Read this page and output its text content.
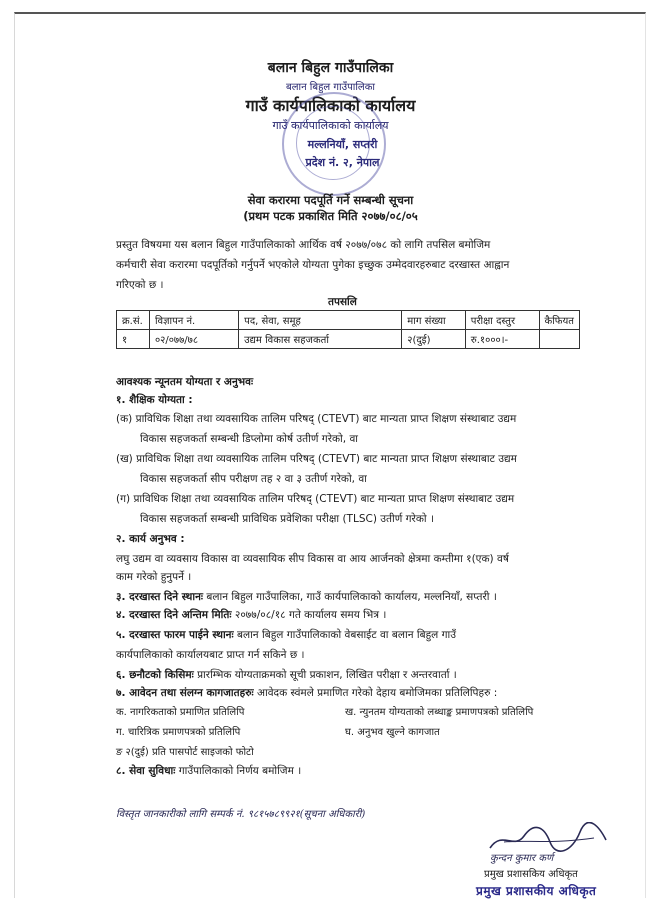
बलान बिहुल गाउँपालिका
बलान बिहुल गाउँपालिका
गाउँ कार्यपालिकाको कार्यालय
गाउँ कार्यपालिकाको कार्यालय
मल्लनियाँ, सप्तरी
प्रदेश नं. २, नेपाल
सेवा करारमा पदपूर्ति गर्ने सम्बन्धी सूचना
(प्रथम पटक प्रकाशित मिति २०७७/०८/०५
प्रस्तुत विषयमा यस बलान बिहुल गाउँपालिकाको आर्थिक वर्ष २०७७/०७८ को लागि तपसिल बमोजिम
कर्मचारी सेवा करारमा पदपूर्तिको गर्नुपर्ने भएकोले योग्यता पुगेका इच्छुक उम्मेदवारहरुबाट दरखास्त आह्वान
गरिएको छ ।
तपसलि
क्र.सं.	विज्ञापन नं.	पद, सेवा, समूह	माग संख्या	परीक्षा दस्तुर	कैफियत
१	०२/०७७/७८	उद्यम विकास सहजकर्ता	२(दुई)	रु.१०००।-	
आवश्यक न्यूनतम योग्यता र अनुभवः
१. शैक्षिक योग्यता :
(क) प्राविधिक शिक्षा तथा व्यवसायिक तालिम परिषद् (CTEVT) बाट मान्यता प्राप्त शिक्षण संस्थाबाट उद्यम
विकास सहजकर्ता सम्बन्धी डिप्लोमा कोर्ष उतीर्ण गरेको, वा
(ख) प्राविधिक शिक्षा तथा व्यवसायिक तालिम परिषद् (CTEVT) बाट मान्यता प्राप्त शिक्षण संस्थाबाट उद्यम
विकास सहजकर्ता सीप परीक्षण तह २ वा ३ उतीर्ण गरेको, वा
(ग) प्राविधिक शिक्षा तथा व्यवसायिक तालिम परिषद् (CTEVT) बाट मान्यता प्राप्त शिक्षण संस्थाबाट उद्यम
विकास सहजकर्ता सम्बन्धी प्राविधिक प्रवेशिका परीक्षा (TLSC) उतीर्ण गरेको ।
२. कार्य अनुभव :
लघु उद्यम वा व्यवसाय विकास वा व्यवसायिक सीप विकास वा आय आर्जनको क्षेत्रमा कम्तीमा १(एक) वर्ष
काम गरेको हुनुपर्ने ।
३. दरखास्त दिने स्थानः बलान बिहुल गाउँपालिका, गाउँ कार्यपालिकाको कार्यालय, मल्लनियाँ, सप्तरी ।
४. दरखास्त दिने अन्तिम मितिः २०७७/०८/१८ गते कार्यालय समय भित्र ।
५. दरखास्त फारम पाईने स्थानः बलान बिहुल गाउँपालिकाको वेबसाईट वा बलान बिहुल गाउँ
कार्यपालिकाको कार्यालयबाट प्राप्त गर्न सकिने छ ।
६. छनौटको किसिमः प्रारम्भिक योग्यताक्रमको सूची प्रकाशन, लिखित परीक्षा र अन्तरवार्ता ।
७. आवेदन तथा संलग्न कागजातहरुः आवेदक स्वंमले प्रमाणित गरेको देहाय बमोजिमका प्रतिलिपिहरु :
क. नागरिकताको प्रमाणित प्रतिलिपि	ख. न्युनतम योग्यताको लब्धाङ्क प्रमाणपत्रको प्रतिलिपि
ग. चारित्रिक प्रमाणपत्रको प्रतिलिपि	घ. अनुभव खुल्ने कागजात
ङ २(दुई) प्रति पासपोर्ट साइजको फोटो
८. सेवा सुविधाः गाउँपालिकाको निर्णय बमोजिम ।
विस्तृत जानकारीको लागि सम्पर्क नं. ९८१५७८९९२१(सूचना अधिकारी)
कुन्दन कुमार कर्ण
प्रमुख प्रशासकिय अधिकृत
प्रमुख प्रशासकीय अधिकृत
